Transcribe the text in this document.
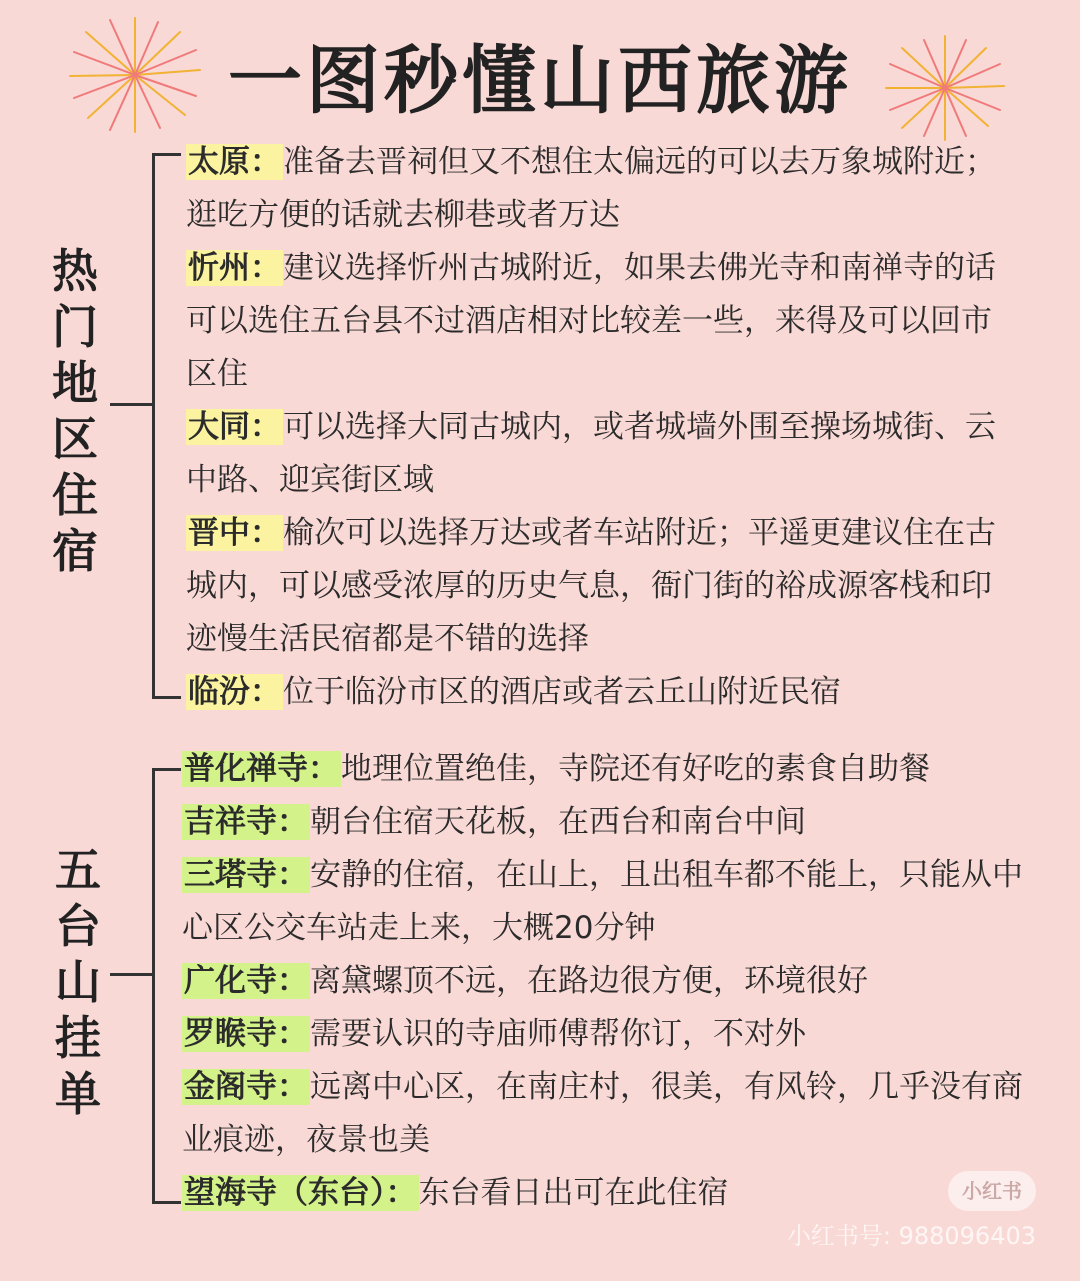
一图秒懂山西旅游
热
门
地
区
住
宿
太原：准备去晋祠但又不想住太偏远的可以去万象城附近；逛吃方便的话就去柳巷或者万达
忻州：建议选择忻州古城附近，如果去佛光寺和南禅寺的话可以选住五台县不过酒店相对比较差一些，来得及可以回市区住
大同：可以选择大同古城内，或者城墙外围至操场城街、云中路、迎宾街区域
晋中：榆次可以选择万达或者车站附近；平遥更建议住在古城内，可以感受浓厚的历史气息，衙门街的裕成源客栈和印迹慢生活民宿都是不错的选择
临汾：位于临汾市区的酒店或者云丘山附近民宿
五
台
山
挂
单
普化禅寺：地理位置绝佳，寺院还有好吃的素食自助餐
吉祥寺：朝台住宿天花板，在西台和南台中间
三塔寺：安静的住宿，在山上，且出租车都不能上，只能从中心区公交车站走上来，大概20分钟
广化寺：离黛螺顶不远，在路边很方便，环境很好
罗睺寺：需要认识的寺庙师傅帮你订，不对外
金阁寺：远离中心区，在南庄村，很美，有风铃，几乎没有商业痕迹，夜景也美
望海寺（东台）：东台看日出可在此住宿	小红书
小红书号: 988096403
